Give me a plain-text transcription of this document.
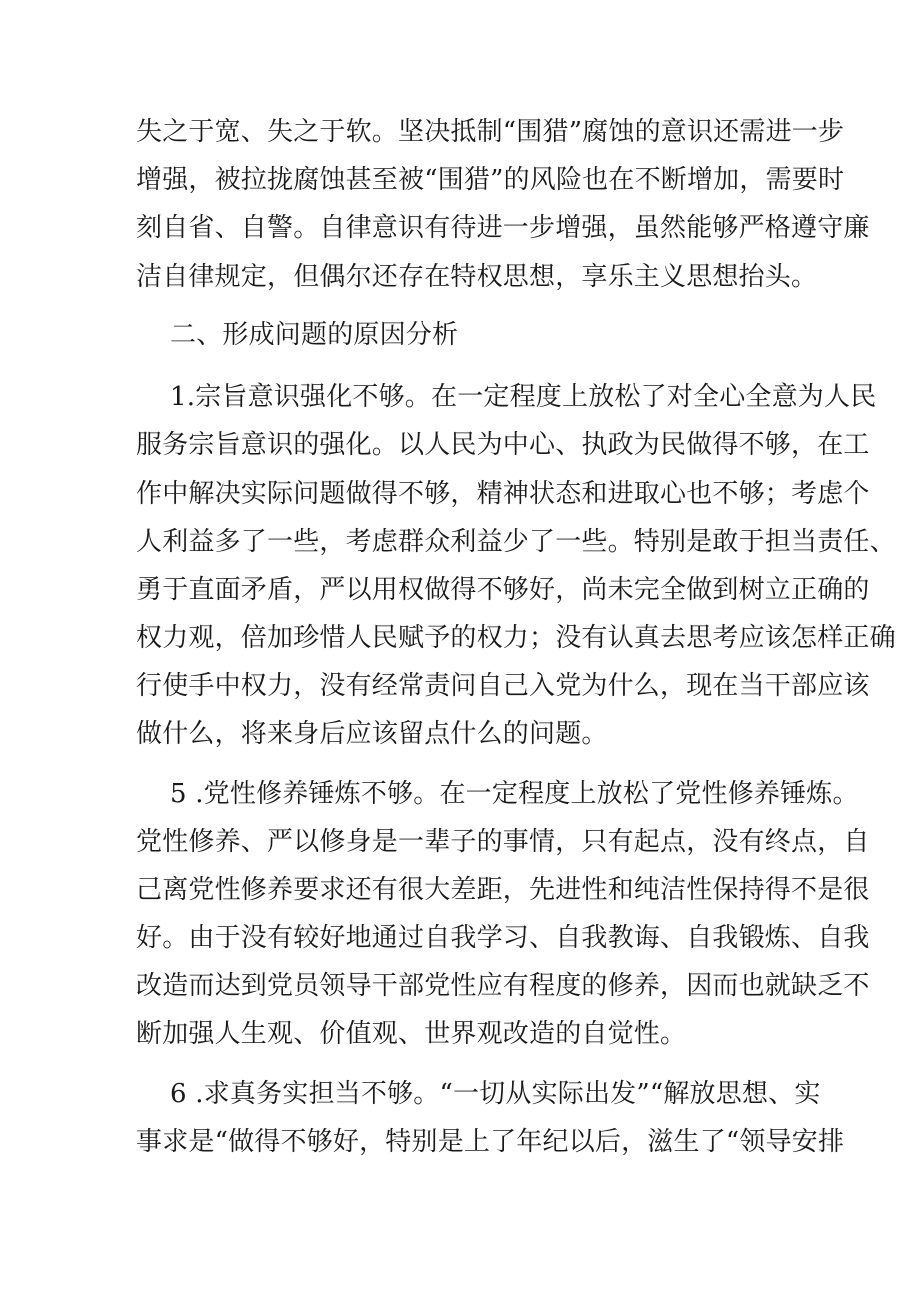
失之于宽、失之于软。坚决抵制“围猎”腐蚀的意识还需进一步
增强，被拉拢腐蚀甚至被“围猎”的风险也在不断增加，需要时
刻自省、自警。自律意识有待进一步增强，虽然能够严格遵守廉
洁自律规定，但偶尔还存在特权思想，享乐主义思想抬头。
二、形成问题的原因分析
1.宗旨意识强化不够。在一定程度上放松了对全心全意为人民
服务宗旨意识的强化。以人民为中心、执政为民做得不够，在工
作中解决实际问题做得不够，精神状态和进取心也不够；考虑个
人利益多了一些，考虑群众利益少了一些。特别是敢于担当责任、
勇于直面矛盾，严以用权做得不够好，尚未完全做到树立正确的
权力观，倍加珍惜人民赋予的权力；没有认真去思考应该怎样正确
行使手中权力，没有经常责问自己入党为什么，现在当干部应该
做什么，将来身后应该留点什么的问题。
5 .党性修养锤炼不够。在一定程度上放松了党性修养锤炼。
党性修养、严以修身是一辈子的事情，只有起点，没有终点，自
己离党性修养要求还有很大差距，先进性和纯洁性保持得不是很
好。由于没有较好地通过自我学习、自我教诲、自我锻炼、自我
改造而达到党员领导干部党性应有程度的修养，因而也就缺乏不
断加强人生观、价值观、世界观改造的自觉性。
6 .求真务实担当不够。“一切从实际出发”“解放思想、实
事求是“做得不够好，特别是上了年纪以后，滋生了“领导安排
